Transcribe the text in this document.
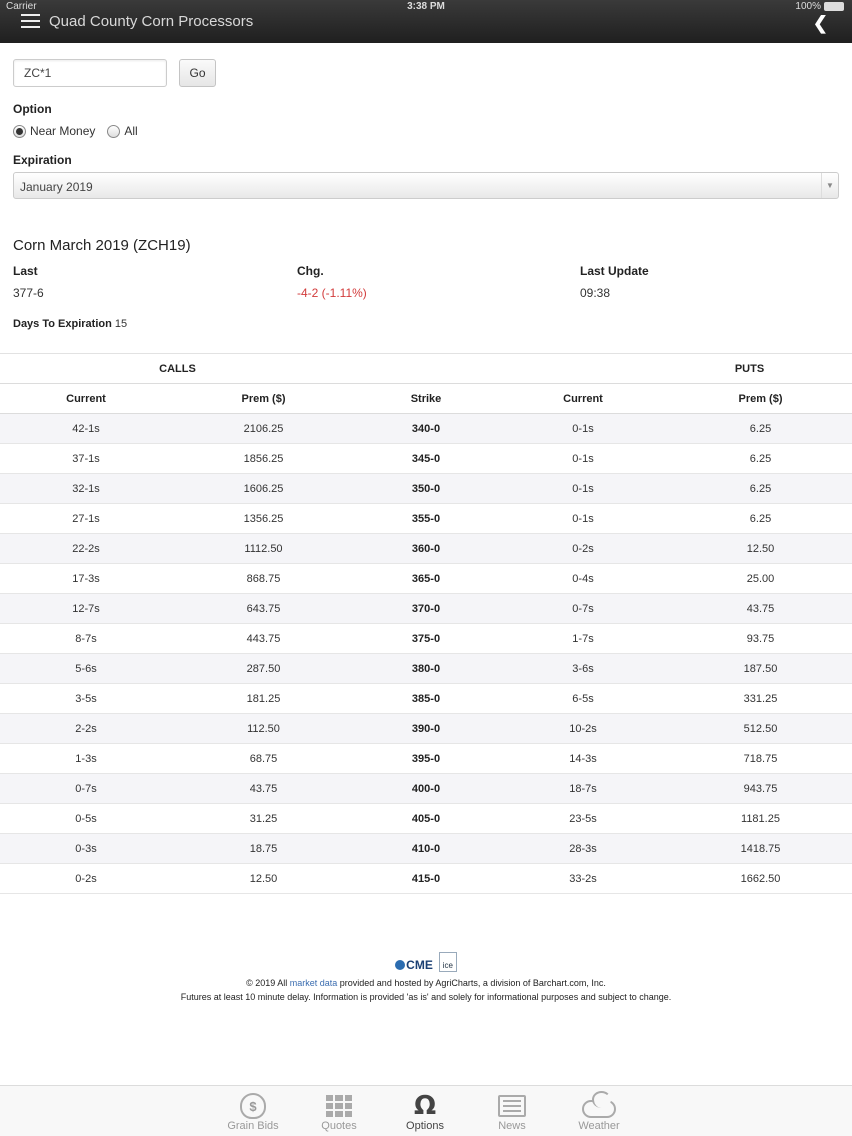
Carrier	3:38 PM	100%
Quad County Corn Processors	❮
ZC*1
Go
Option
Near Money All
Expiration
January 2019	▼
Corn March 2019 (ZCH19)
Last
377-6
Chg.
-4-2 (-1.11%)
Last Update
09:38
Days To Expiration 15
CALLS			PUTS	
Current	Prem ($)	Strike	Current	Prem ($)
42-1s	2106.25	340-0	0-1s	6.25
37-1s	1856.25	345-0	0-1s	6.25
32-1s	1606.25	350-0	0-1s	6.25
27-1s	1356.25	355-0	0-1s	6.25
22-2s	1112.50	360-0	0-2s	12.50
17-3s	868.75	365-0	0-4s	25.00
12-7s	643.75	370-0	0-7s	43.75
8-7s	443.75	375-0	1-7s	93.75
5-6s	287.50	380-0	3-6s	187.50
3-5s	181.25	385-0	6-5s	331.25
2-2s	112.50	390-0	10-2s	512.50
1-3s	68.75	395-0	14-3s	718.75
0-7s	43.75	400-0	18-7s	943.75
0-5s	31.25	405-0	23-5s	1181.25
0-3s	18.75	410-0	28-3s	1418.75
0-2s	12.50	415-0	33-2s	1662.50
CME	ice

© 2019 All market data provided and hosted by AgriCharts, a division of Barchart.com, Inc.

Futures at least 10 minute delay. Information is provided 'as is' and solely for informational purposes and subject to change.

$
Grain Bids	Quotes
Ω
Options	News	Weather
